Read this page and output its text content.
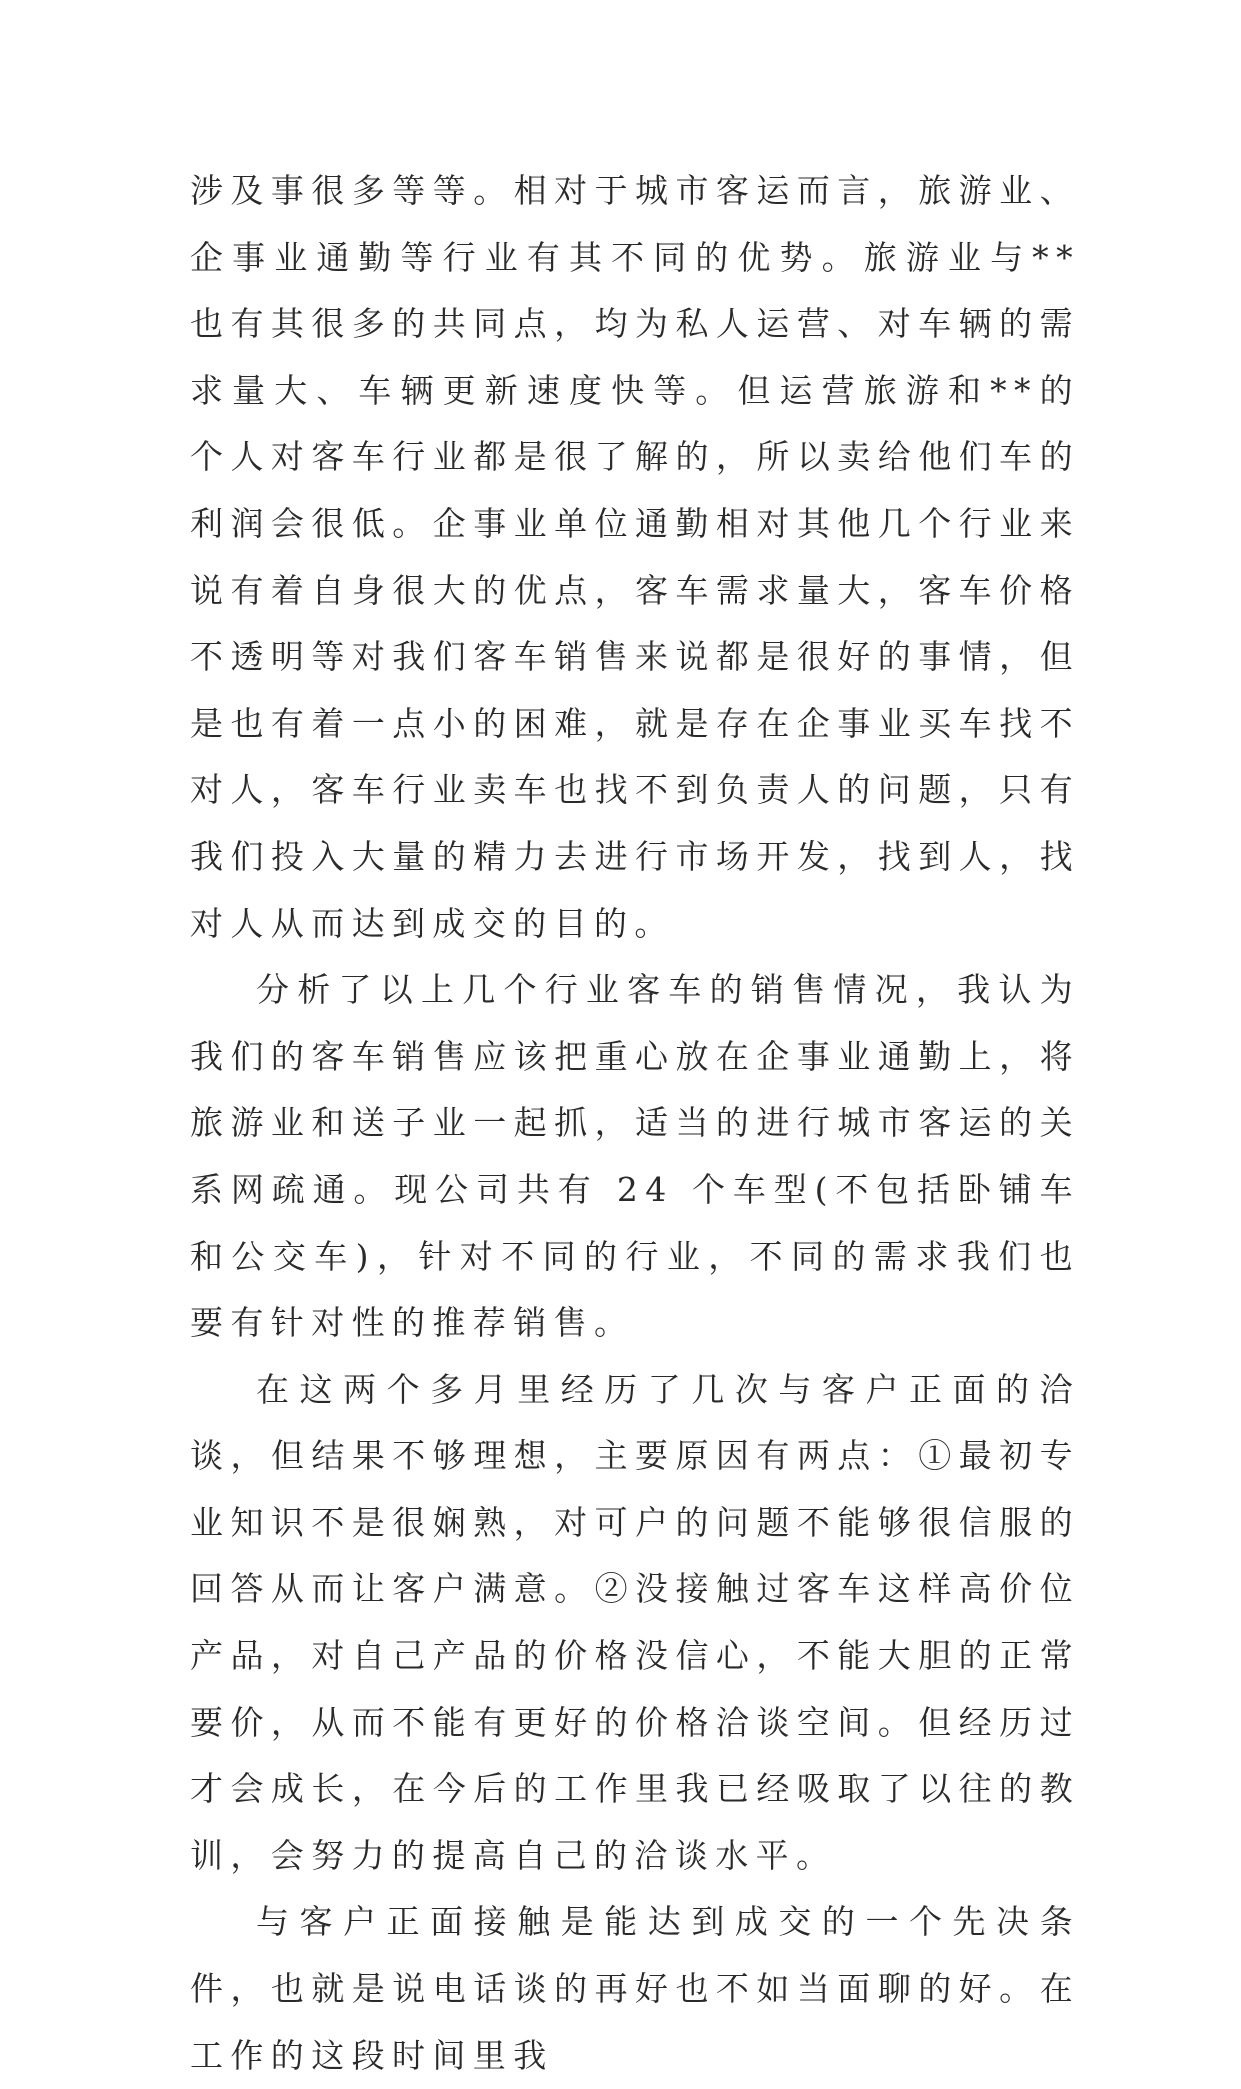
涉及事很多等等。相对于城市客运而言，旅游业、企事业通勤等行业有其不同的优势。旅游业与**也有其很多的共同点，均为私人运营、对车辆的需求量大、车辆更新速度快等。但运营旅游和**的个人对客车行业都是很了解的，所以卖给他们车的利润会很低。企事业单位通勤相对其他几个行业来说有着自身很大的优点，客车需求量大，客车价格不透明等对我们客车销售来说都是很好的事情，但是也有着一点小的困难，就是存在企事业买车找不对人，客车行业卖车也找不到负责人的问题，只有我们投入大量的精力去进行市场开发，找到人，找对人从而达到成交的目的。

分析了以上几个行业客车的销售情况，我认为我们的客车销售应该把重心放在企事业通勤上，将旅游业和送子业一起抓，适当的进行城市客运的关系网疏通。现公司共有 24 个车型(不包括卧铺车和公交车)，针对不同的行业，不同的需求我们也要有针对性的推荐销售。

在这两个多月里经历了几次与客户正面的洽谈，但结果不够理想，主要原因有两点：①最初专业知识不是很娴熟，对可户的问题不能够很信服的回答从而让客户满意。②没接触过客车这样高价位产品，对自己产品的价格没信心，不能大胆的正常要价，从而不能有更好的价格洽谈空间。但经历过才会成长，在今后的工作里我已经吸取了以往的教训，会努力的提高自己的洽谈水平。

与客户正面接触是能达到成交的一个先决条件，也就是说电话谈的再好也不如当面聊的好。在工作的这段时间里我
